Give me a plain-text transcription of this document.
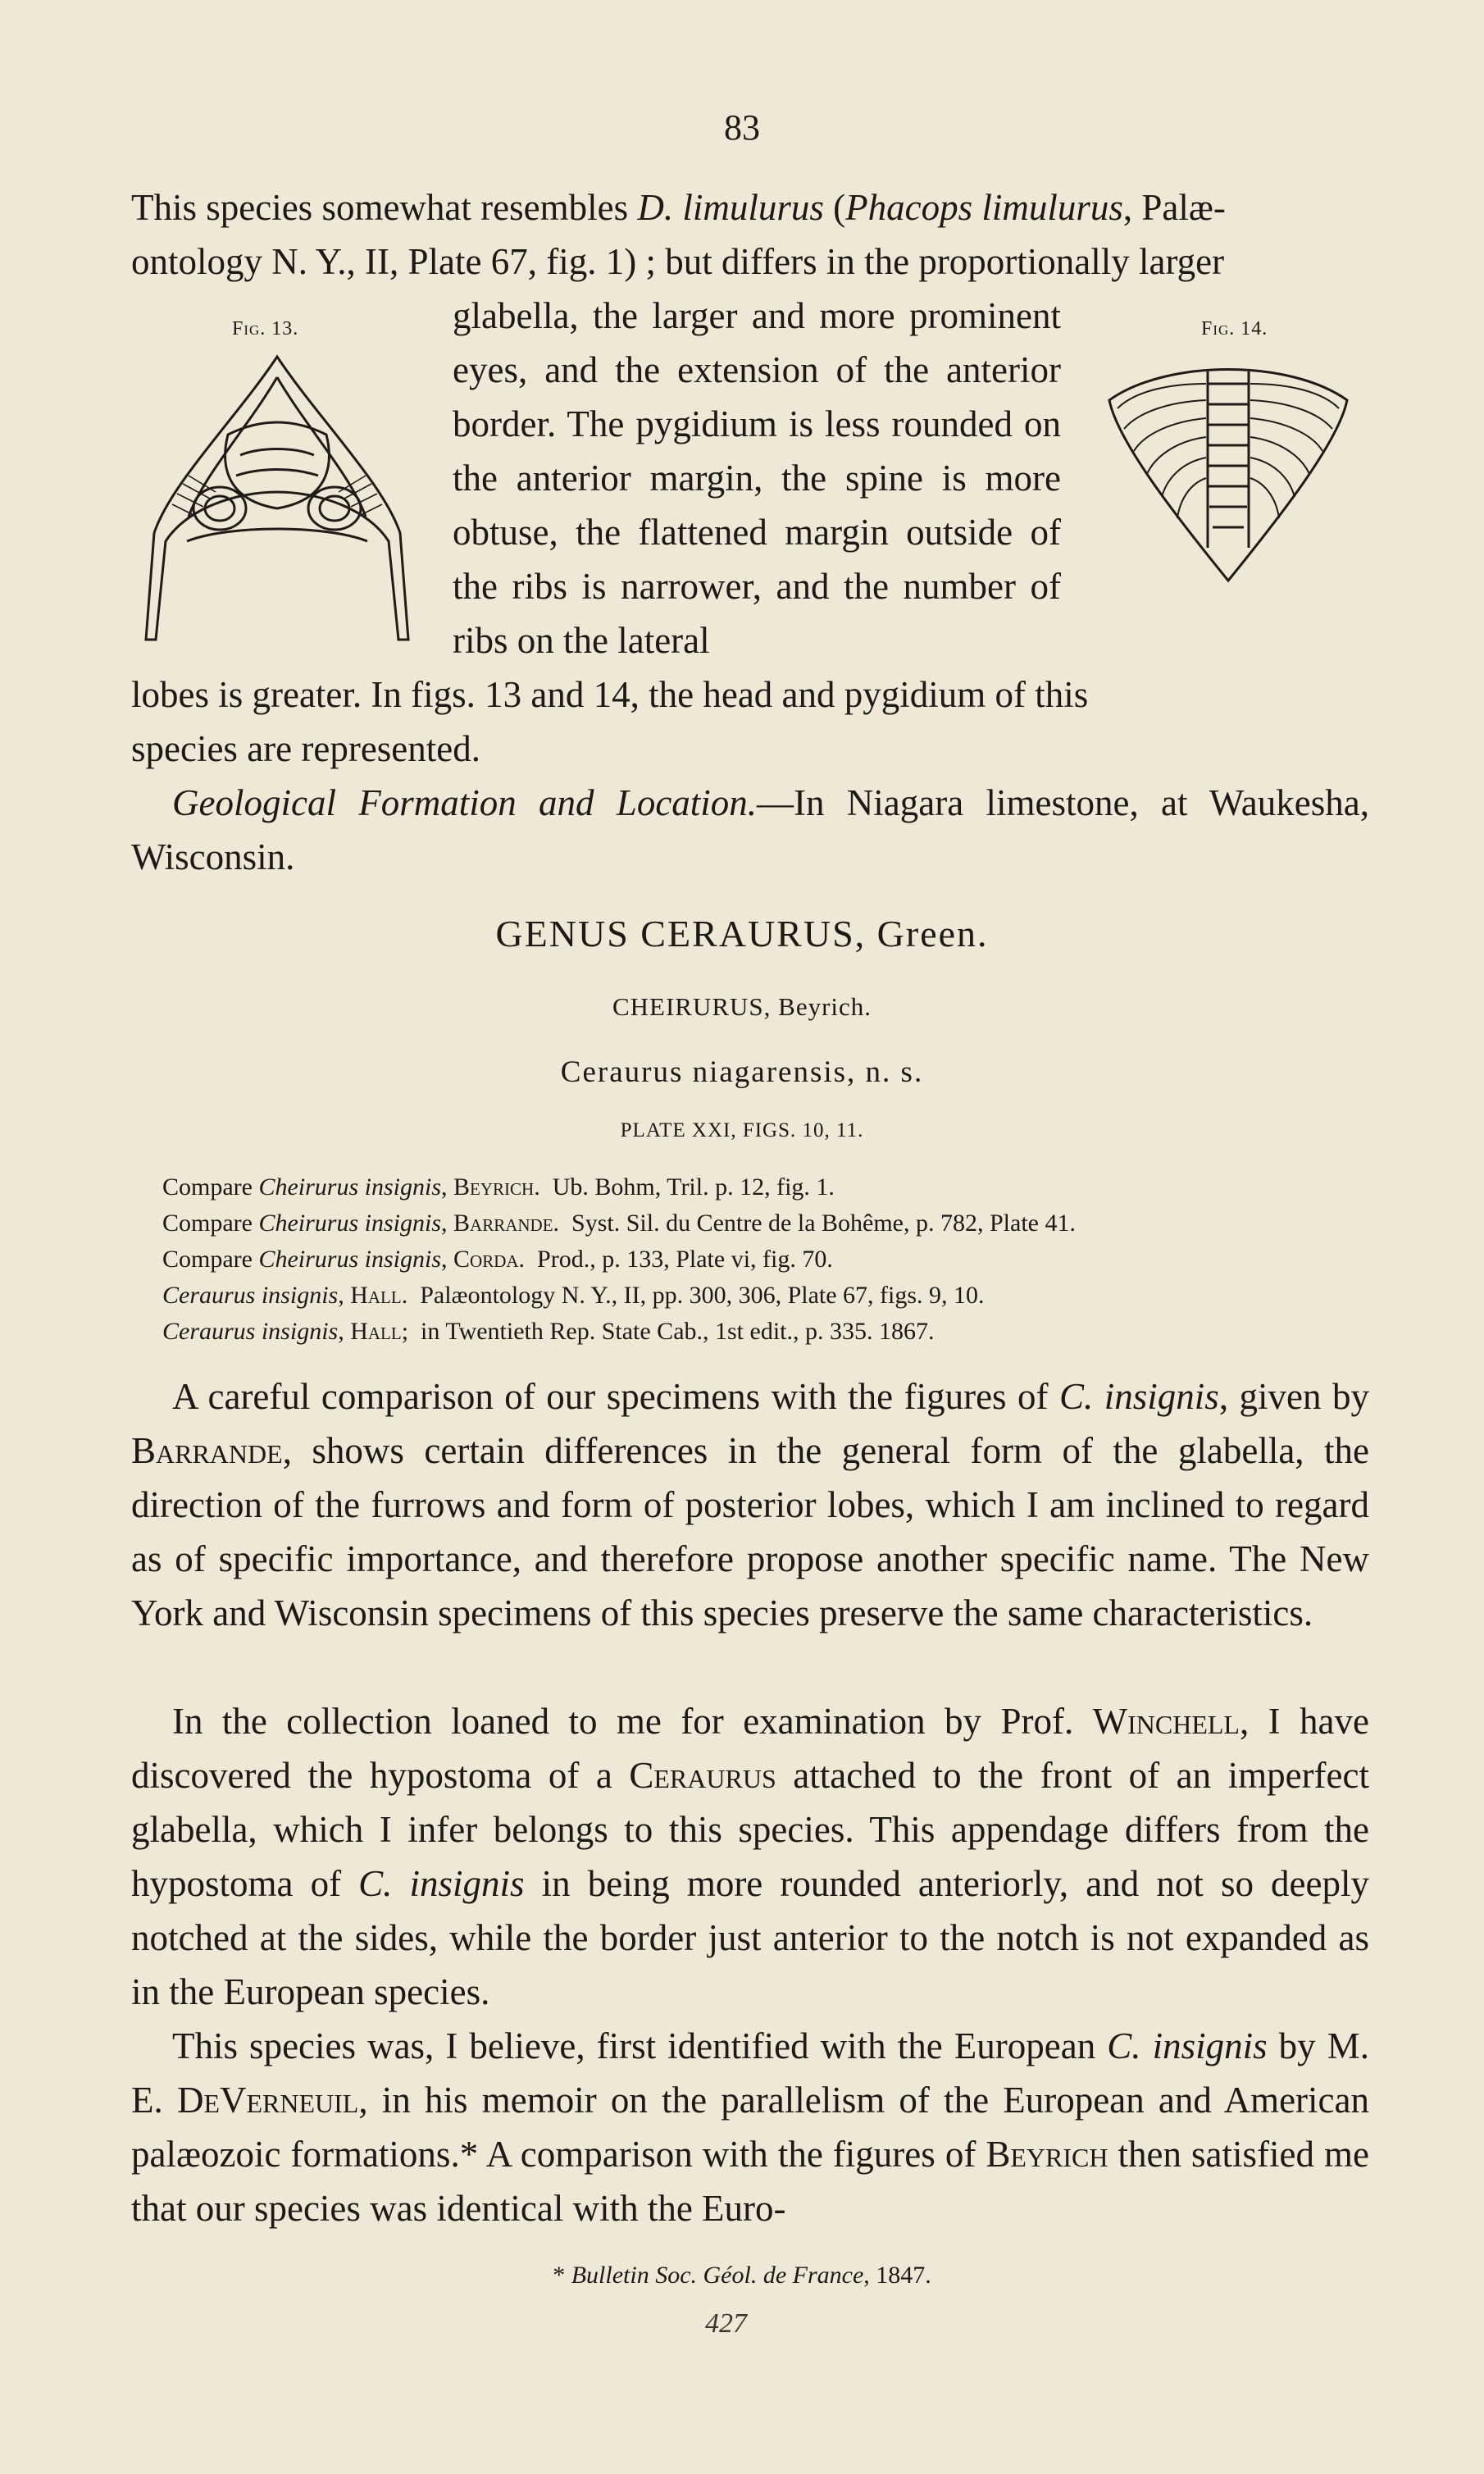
83

This species somewhat resembles D. limulurus (Phacops limulurus, Palæ-

ontology N. Y., II, Plate 67, fig. 1) ; but differs in the proportionally larger

glabella, the larger and more prominent eyes, and the extension of the anterior border. The pygidium is less rounded on the anterior margin, the spine is more obtuse, the flattened margin outside of the ribs is narrower, and the number of ribs on the lateral

Fig. 13.	Fig. 14.

lobes is greater. In figs. 13 and 14, the head and pygidium of this

species are represented.

Geological Formation and Location.—In Niagara limestone, at Waukesha, Wisconsin.

GENUS CERAURUS, Green.
CHEIRURUS, Beyrich.
Ceraurus niagarensis, n. s.
PLATE XXI, FIGS. 10, 11.
Compare Cheirurus insignis, Beyrich. Ub. Bohm, Tril. p. 12, fig. 1.
Compare Cheirurus insignis, Barrande. Syst. Sil. du Centre de la Bohême, p. 782, Plate 41.
Compare Cheirurus insignis, Corda. Prod., p. 133, Plate vi, fig. 70.
Ceraurus insignis, Hall. Palæontology N. Y., II, pp. 300, 306, Plate 67, figs. 9, 10.
Ceraurus insignis, Hall; in Twentieth Rep. State Cab., 1st edit., p. 335. 1867.

A careful comparison of our specimens with the figures of C. insignis, given by Barrande, shows certain differences in the general form of the glabella, the direction of the furrows and form of posterior lobes, which I am inclined to regard as of specific importance, and therefore propose another specific name. The New York and Wisconsin specimens of this species preserve the same characteristics.

In the collection loaned to me for examination by Prof. Winchell, I have discovered the hypostoma of a Ceraurus attached to the front of an imperfect glabella, which I infer belongs to this species. This appendage differs from the hypostoma of C. insignis in being more rounded anteriorly, and not so deeply notched at the sides, while the border just anterior to the notch is not expanded as in the European species.

This species was, I believe, first identified with the European C. insignis by M. E. DeVerneuil, in his memoir on the parallelism of the European and American palæozoic formations.* A comparison with the figures of Beyrich then satisfied me that our species was identical with the Euro-

* Bulletin Soc. Géol. de France, 1847.
427
